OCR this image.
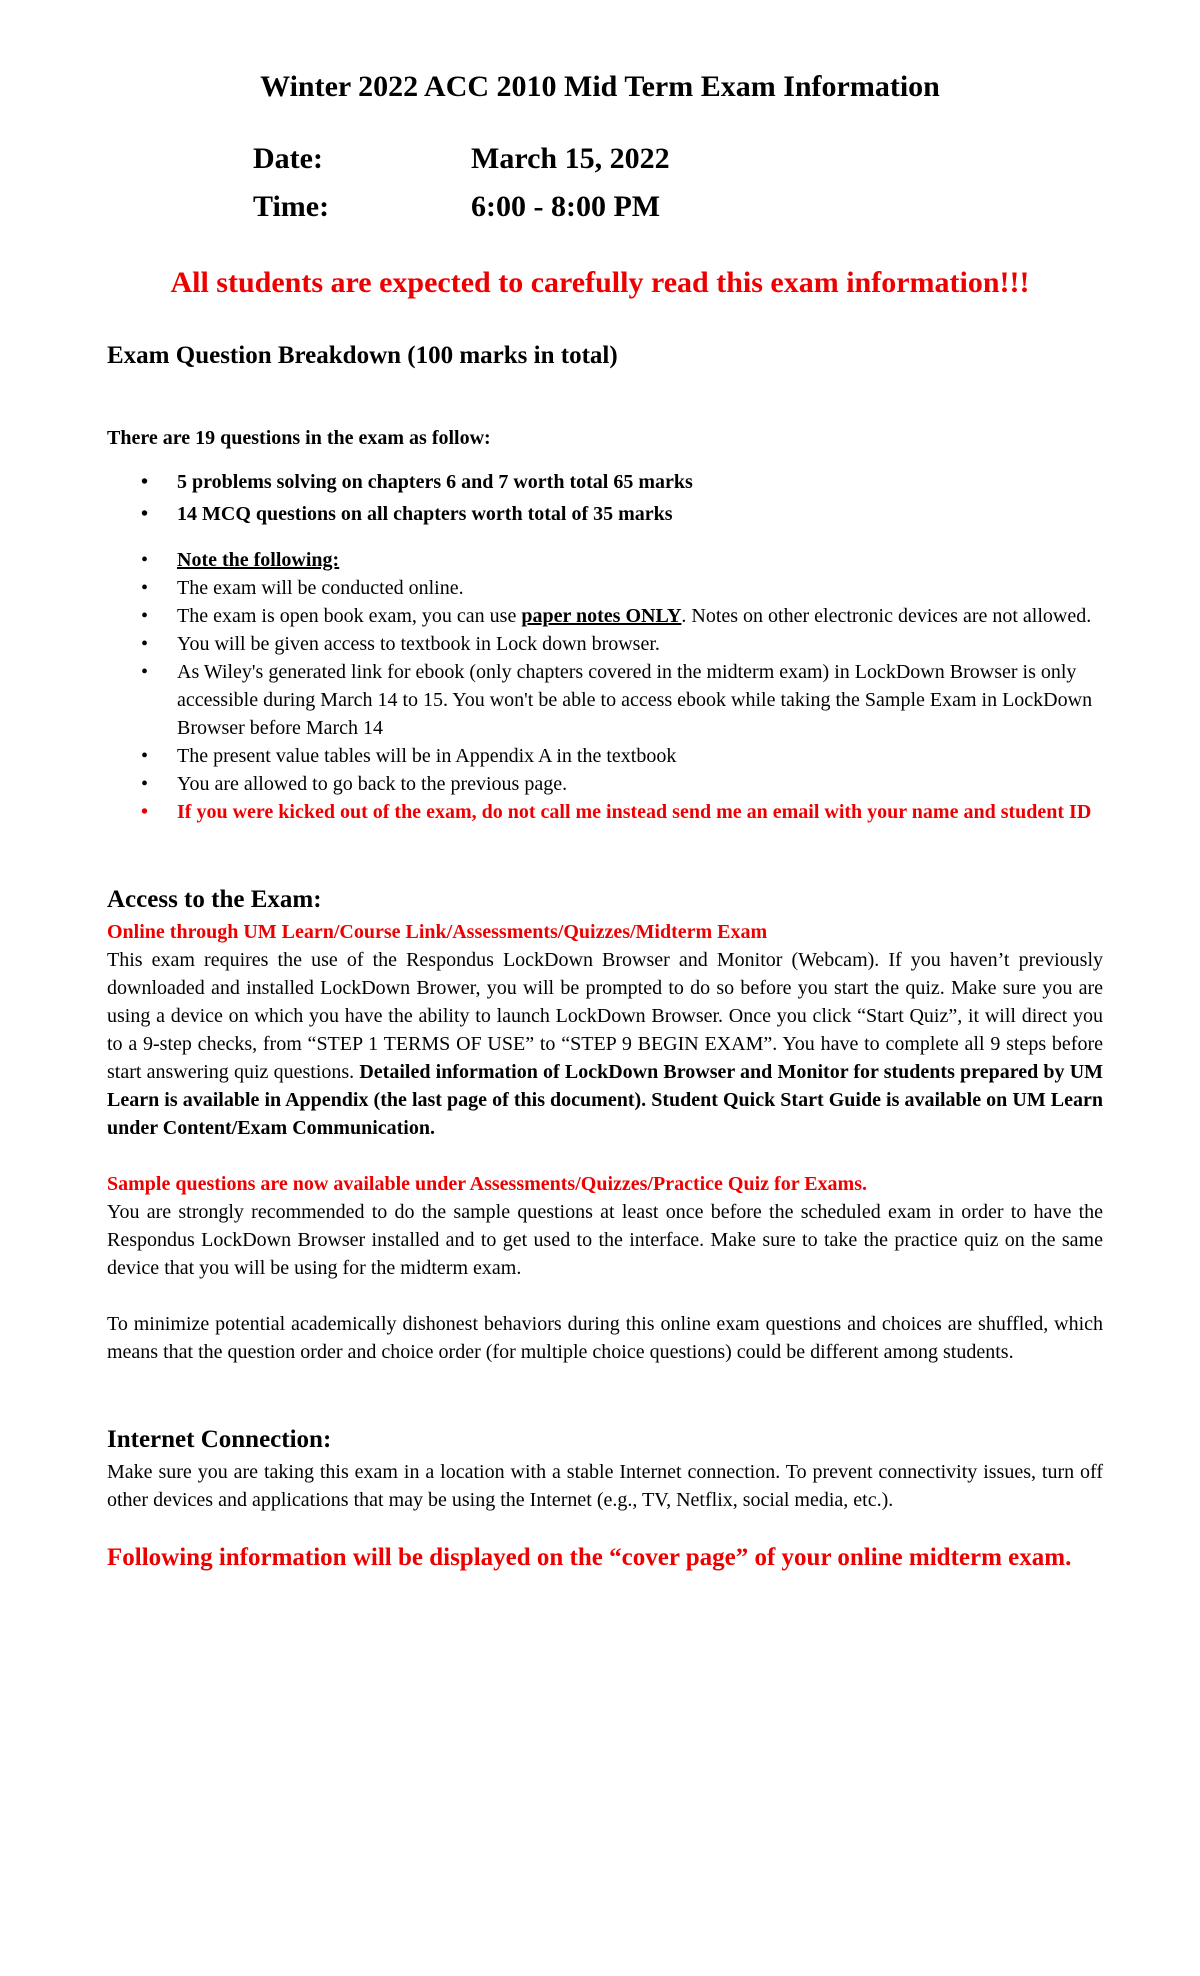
Winter 2022 ACC 2010 Mid Term Exam Information
Date:	March 15, 2022
Time:	6:00 - 8:00 PM
All students are expected to carefully read this exam information!!!
Exam Question Breakdown (100 marks in total)

There are 19 questions in the exam as follow:

• 5 problems solving on chapters 6 and 7 worth total 65 marks
• 14 MCQ questions on all chapters worth total of 35 marks
• Note the following:
• The exam will be conducted online.
• The exam is open book exam, you can use paper notes ONLY. Notes on other electronic devices are not allowed.
• You will be given access to textbook in Lock down browser.
• As Wiley's generated link for ebook (only chapters covered in the midterm exam) in LockDown Browser is only accessible during March 14 to 15. You won't be able to access ebook while taking the Sample Exam in LockDown Browser before March 14
• The present value tables will be in Appendix A in the textbook
• You are allowed to go back to the previous page.
• If you were kicked out of the exam, do not call me instead send me an email with your name and student ID
Access to the Exam:
Online through UM Learn/Course Link/Assessments/Quizzes/Midterm Exam

This exam requires the use of the Respondus LockDown Browser and Monitor (Webcam). If you haven’t previously downloaded and installed LockDown Brower, you will be prompted to do so before you start the quiz. Make sure you are using a device on which you have the ability to launch LockDown Browser. Once you click “Start Quiz”, it will direct you to a 9-step checks, from “STEP 1 TERMS OF USE” to “STEP 9 BEGIN EXAM”. You have to complete all 9 steps before start answering quiz questions. Detailed information of LockDown Browser and Monitor for students prepared by UM Learn is available in Appendix (the last page of this document). Student Quick Start Guide is available on UM Learn under Content/Exam Communication.

Sample questions are now available under Assessments/Quizzes/Practice Quiz for Exams.

You are strongly recommended to do the sample questions at least once before the scheduled exam in order to have the Respondus LockDown Browser installed and to get used to the interface. Make sure to take the practice quiz on the same device that you will be using for the midterm exam.

To minimize potential academically dishonest behaviors during this online exam questions and choices are shuffled, which means that the question order and choice order (for multiple choice questions) could be different among students.

Internet Connection:

Make sure you are taking this exam in a location with a stable Internet connection. To prevent connectivity issues, turn off other devices and applications that may be using the Internet (e.g., TV, Netflix, social media, etc.).

Following information will be displayed on the “cover page” of your online midterm exam.
